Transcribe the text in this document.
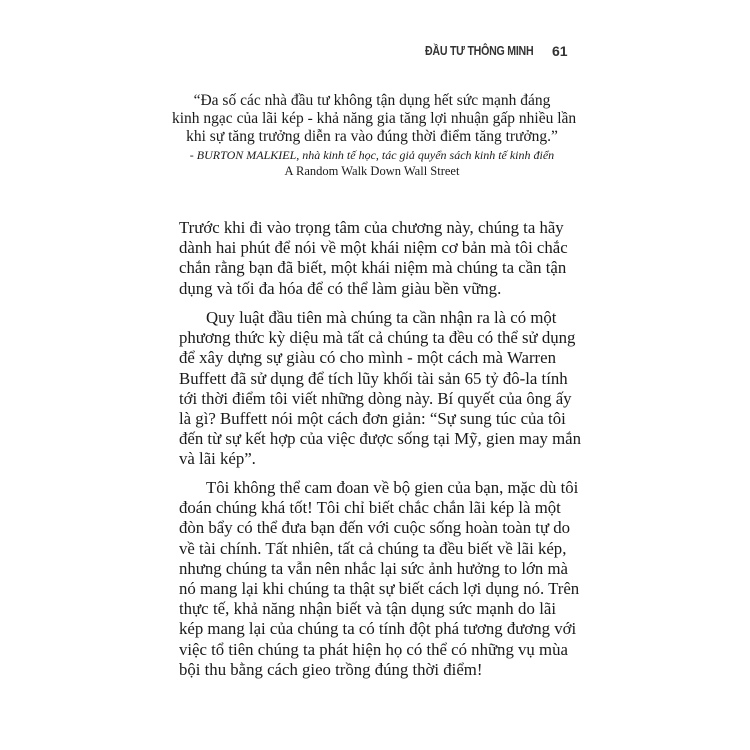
ĐẦU TƯ THÔNG MINH 61
“Đa số các nhà đầu tư không tận dụng hết sức mạnh đáng
kinh ngạc của lãi kép - khả năng gia tăng lợi nhuận gấp nhiều lần
khi sự tăng trưởng diễn ra vào đúng thời điểm tăng trưởng.”
- BURTON MALKIEL, nhà kinh tế học, tác giả quyển sách kinh tế kinh điển
A Random Walk Down Wall Street
Trước khi đi vào trọng tâm của chương này, chúng ta hãy
dành hai phút để nói về một khái niệm cơ bản mà tôi chắc
chắn rằng bạn đã biết, một khái niệm mà chúng ta cần tận
dụng và tối đa hóa để có thể làm giàu bền vững.
Quy luật đầu tiên mà chúng ta cần nhận ra là có một
phương thức kỳ diệu mà tất cả chúng ta đều có thể sử dụng
để xây dựng sự giàu có cho mình - một cách mà Warren
Buffett đã sử dụng để tích lũy khối tài sản 65 tỷ đô-la tính
tới thời điểm tôi viết những dòng này. Bí quyết của ông ấy
là gì? Buffett nói một cách đơn giản: “Sự sung túc của tôi
đến từ sự kết hợp của việc được sống tại Mỹ, gien may mắn
và lãi kép”.
Tôi không thể cam đoan về bộ gien của bạn, mặc dù tôi
đoán chúng khá tốt! Tôi chỉ biết chắc chắn lãi kép là một
đòn bẩy có thể đưa bạn đến với cuộc sống hoàn toàn tự do
về tài chính. Tất nhiên, tất cả chúng ta đều biết về lãi kép,
nhưng chúng ta vẫn nên nhắc lại sức ảnh hưởng to lớn mà
nó mang lại khi chúng ta thật sự biết cách lợi dụng nó. Trên
thực tế, khả năng nhận biết và tận dụng sức mạnh do lãi
kép mang lại của chúng ta có tính đột phá tương đương với
việc tổ tiên chúng ta phát hiện họ có thể có những vụ mùa
bội thu bằng cách gieo trồng đúng thời điểm!
